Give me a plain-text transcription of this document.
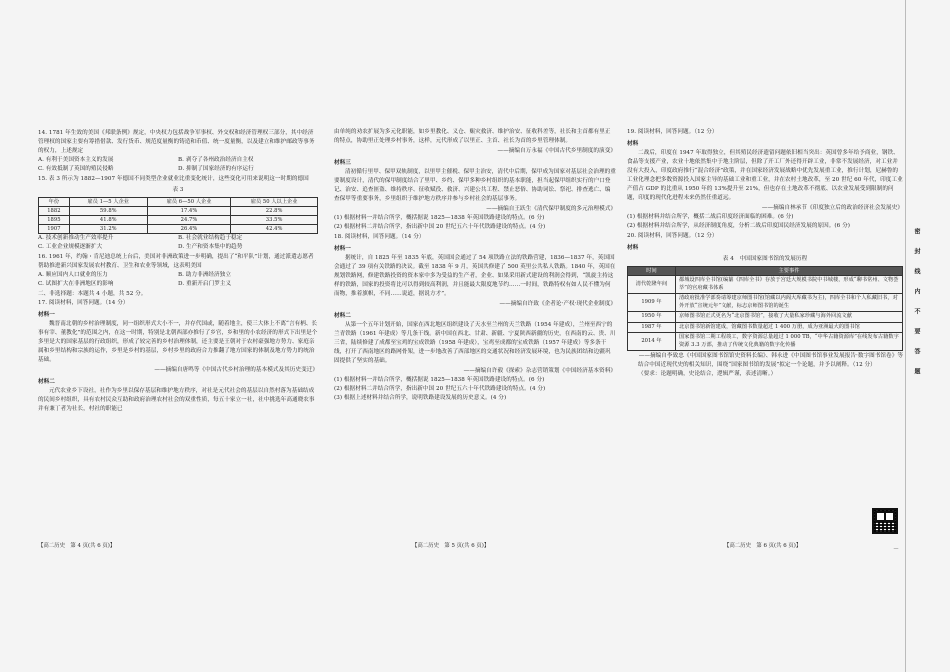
密　封　线　内　不　要　答　题

14. 1781 年生效的美国《邦联条例》规定，中央权力包括战争军事权、外交权和经济管理权三部分，其中经济管理权的国家主要有筹措借款、发行货币、规范度量衡的铸造和币值、统一度量衡，以及建立和维护邮政等事务的权力，上述规定

A. 有利于美国资本主义的发展	B. 剥夺了各州政治经济自主权
C. 有效抵制了英国的殖民侵略	D. 抑制了国家经济的有序运行

15. 表 3 所示为 1882—1907 年德国不同类型企业就业比重变化统计，这些变化可用来说明这一时期的德国

表 3

年份	雇员 1—5 人企业	雇员 6—50 人企业	雇员 50 人以上企业
1882	59.8%	17.4%	22.8%
1895	41.8%	24.7%	33.5%
1907	31.2%	26.4%	42.4%
A. 技术创新推动生产效率提升	B. 社会就业结构趋于稳定
C. 工业企业规模逐渐扩大	D. 生产和资本集中的趋势

16. 1961 年，约翰・肯尼迪总统上台后，美国对非洲政策进一步明确，提出了“和平队”计划，通过派遣志愿者帮助推进新兴国家发展农村教育、卫生和农业等领域，这表明美国

A. 顺应国内人口就业的压力	B. 助力非洲经济独立
C. 试图扩大在非洲地区的影响	D. 重新开启门罗主义

二、非选择题：本题共 4 小题，共 52 分。

17. 阅读材料，回答问题。（14 分）

材料一

魏晋南北朝的乡村治理制度，同一组织形式大小不一，并存代国或，随着地主，使三大体上不离“言有柄、长事有宰、董教化”的范围之内，在这一时期，特别是北朝西部亦推行了乡官，乡和里的小农经济的形式下出里是个多里是大的国家基层的行政组织，形成了较完善的乡村治理体制，还主要是王朝对于农村豪强地方势力、家庭亲属和乡里结构和宗族的运作，乡里是乡村的基层，乡村乡里的政府合力推翻了地方国家的体制及地方势力的统治基础。

——摘编自唐鸣等《中国古代乡村治理的基本模式及其历史变迁》

材料二

元代农业乡下设社，社作为乡里以保存基层和维护地方秩序，对社是元代社会的基层以自然村落为基础结成的民间乡村组织，具有农村民众互助和政府治理农村社会的双重性质，每五十家立一社，社中挑选年高通晓农事并有兼丁者为社长，村社的职能已

由单纯的劝农扩展为多元化职能，如乡里教化、义仓、赈灾救济、维护治安、征收科差等，社长和主首都有里正的特点，协助里正处理乡村事务，这样，元代形成了以里正、主首、社长为首的乡里管理体制。

——摘编自万永福《中国古代乡里制度的演变》

材料三

清初循行里甲、保甲双轨制度，以里甲主催税、保甲主治安，清代中后期，保甲成为国家对基层社会治理的重要制度设计，清代的保甲制度结合了里甲、乡约、保甲多种乡村组织的基本职能，担当起保甲组织实行的户口登记、治安、追查匪盗、维持秩序、征收赋役、救济、兴建公共工程、禁止恶俗、协助词讼、祭祀、排查逃亡、编查保甲等重要事务，乡里组织于维护地方秩序并参与乡村社会的基层事务。

——摘编自王跃生《清代保甲制度的多元治理模式》

(1) 根据材料一并结合所学，概括据说 1825—1838 年英国铁路建设的特点。(6 分)

(2) 根据材料二并结合所学，指出新中国 20 世纪五六十年代铁路建设的特点。(4 分)

18. 阅读材料，回答问题。（14 分）

材料一

据统计，自 1825 年至 1835 年底，英国国会通过了 54 项铁路立法的铁路营建，1836—1837 年，英国国会通过了 39 项有关铁路的决议。截至 1838 年 9 月，英国共修建了 500 英里公共私人铁路。1840 年，英国在规划铁路网，修建铁路投资的资本家中多为受益的生产者，企业、如果采用新式建设的利润会得到，“凯旋主持这样的铁路，国家的投资将比可以得到较高利润，并且能最大限度地节约……一时间，铁路特权有如人民不懂为何而物，推着旗帜，不同……说道，据说方才”。

——摘编自许致《企者论·产权·现代企业制度》

材料二

从第一个五年计划开始，国家在西北地区组织建设了天水至兰州的天兰铁路（1954 年建成），兰州至西宁的兰青铁路（1961 年建成）等几条干线。新中国在西北、甘肃、新疆、宁夏陕西新疆的历史，在西南的云、贵、川三省，陆续修建了成都至宝鸡的宝成铁路（1958 年建成），宝鸡至成都的宝成铁路（1957 年建成）等多条干线，打开了西南地区的路网骨架，进一步地改善了西部地区的交通状况和经济发展环境，也为民族团结和边疆巩固提供了坚实的基础。

——摘编自许毅《探索》杂志营销策划《中国经济基本资料》

(1) 根据材料一并结合所学，概括据说 1825—1838 年英国铁路建设的特点。(6 分)

(2) 根据材料二并结合所学，指出新中国 20 世纪五六十年代铁路建设的特点。(4 分)

(3) 根据上述材料并结合所学，说明铁路建设发展的历史意义。(4 分)

19. 阅读材料，回答问题。（12 分）

材料

二战后，印度在 1947 年取得独立，但其殖民经济遗留问题依旧相当突出：英国曾多年给予商业，钢铁、食品等支援产业，农业十地依然集中于地主阶层，但除了开工厂外还得开辟工业，非常不发展经济，对工业并没有大投入，印度政府推行“混合经济”政策，并在国家经济发展战略中优先发展重工业，推行计划，尼赫鲁的工业化理念把多数资源投入国家主导的基础工业和重工业，并在农村土地改革，至 20 世纪 60 年代，印度工业产值占 GDP 的比重从 1950 年的 13%提升至 21%，但也存在土地改革不彻底、以农业发展受到限制的问题，印度的现代化进程未来仍然任重道远。

——摘编自林承节《印度独立后的政治经济社会发展史》

(1) 根据材料并结合所学，概括二战后印度经济面临的困难。(6 分)

(2) 根据材料并结合所学，从经济制度角度，分析二战后印度国民经济发展的原因。(6 分)

20. 阅读材料，回答问题。（12 分）

材料

表 4　中国国家图书馆的发展历程

时间	主要事件
清代乾隆年间	都城设四库全书馆(编纂《四库全书》存放于宫廷大规模书院中书城楼，形成“聊书常州、文物荟萃”的官府藏书体系
1909 年	清政府批准学部奏请筹建京师图书馆(馆藏以内阁大库藏书为主)，四库全书和个人私藏旧书，对外开放“宣统元年”文献，标志京师图书馆的诞生
1950 年	京师图书馆正式更名为“北京图书馆”，接收了大量私家珍藏与海外回流文献
1987 年	北京图书馆新馆建成，馆藏图书数量超过 1 400 万册，成为亚洲最大的图书馆
2014 年	国家图书馆二期工程竣工，数字资源总量超过 1 000 TB，“中华古籍资源库”在线发布古籍数字资源 3.3 万部，推动了传统文化典籍的数字化传播

——摘编自李致忠《中国国家图书馆馆史资料长编》、韩永进《中国图书馆事业发展报告·数字图书馆卷》等

结合中国近现代史的相关知识，围绕“国家图书馆的发展”拟定一个论题，并予以阐释。（12 分）

（要求：论题明确，史论结合，逻辑严谨，表述清晰。）

－
【高二历史　第 4 页(共 6 页)】	【高二历史　第 5 页(共 6 页)】	【高二历史　第 6 页(共 6 页)】
